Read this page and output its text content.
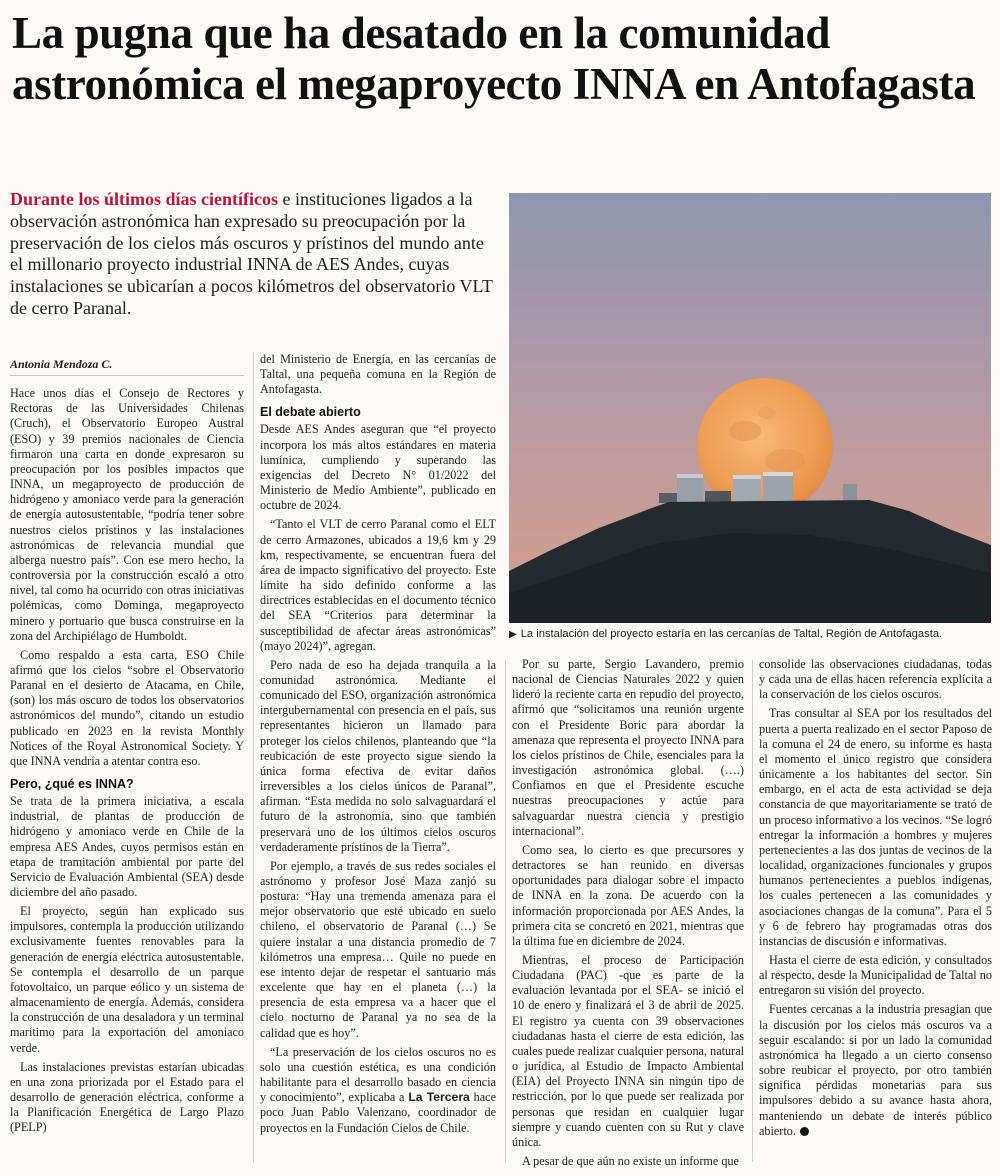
La pugna que ha desatado en la comunidad astronómica el megaproyecto INNA en Antofagasta

Durante los últimos días científicos e instituciones ligados a la observación astronómica han expresado su preocupación por la preservación de los cielos más oscuros y prístinos del mundo ante el millonario proyecto industrial INNA de AES Andes, cuyas instalaciones se ubicarían a pocos kilómetros del observatorio VLT de cerro Paranal.

▶ La instalación del proyecto estaría en las cercanías de Taltal, Región de Antofagasta.
Antonia Mendoza C.

Hace unos días el Consejo de Rectores y Rectoras de las Universidades Chilenas (Cruch), el Observatorio Europeo Austral (ESO) y 39 premios nacionales de Ciencia firmaron una carta en donde expresaron su preocupación por los posibles impactos que INNA, un megaproyecto de producción de hidrógeno y amoniaco verde para la generación de energía autosustentable, “podría tener sobre nuestros cielos prístinos y las instalaciones astronómicas de relevancia mundial que alberga nuestro país”. Con ese mero hecho, la controversia por la construcción escaló a otro nivel, tal como ha ocurrido con otras iniciativas polémicas, como Dominga, megaproyecto minero y portuario que busca construirse en la zona del Archipiélago de Humboldt.

Como respaldo a esta carta, ESO Chile afirmó que los cielos “sobre el Observatorio Paranal en el desierto de Atacama, en Chile, (son) los más oscuro de todos los observatorios astronómicos del mundo”, citando un estudio publicado en 2023 en la revista Monthly Notices of the Royal Astronomical Society. Y que INNA vendría a atentar contra eso.

Pero, ¿qué es INNA?

Se trata de la primera iniciativa, a escala industrial, de plantas de producción de hidrógeno y amoniaco verde en Chile de la empresa AES Andes, cuyos permisos están en etapa de tramitación ambiental por parte del Servicio de Evaluación Ambiental (SEA) desde diciembre del año pasado.

El proyecto, según han explicado sus impulsores, contempla la producción utilizando exclusivamente fuentes renovables para la generación de energía eléctrica autosustentable. Se contempla el desarrollo de un parque fotovoltaico, un parque eólico y un sistema de almacenamiento de energía. Además, considera la construcción de una desaladora y un terminal marítimo para la exportación del amoniaco verde.

Las instalaciones previstas estarían ubicadas en una zona priorizada por el Estado para el desarrollo de generación eléctrica, conforme a la Planificación Energética de Largo Plazo (PELP)

del Ministerio de Energía, en las cercanías de Taltal, una pequeña comuna en la Región de Antofagasta.

El debate abierto

Desde AES Andes aseguran que “el proyecto incorpora los más altos estándares en materia lumínica, cumpliendo y superando las exigencias del Decreto N° 01/2022 del Ministerio de Medio Ambiente”, publicado en octubre de 2024.

“Tanto el VLT de cerro Paranal como el ELT de cerro Armazones, ubicados a 19,6 km y 29 km, respectivamente, se encuentran fuera del área de impacto significativo del proyecto. Este límite ha sido definido conforme a las directrices establecidas en el documento técnico del SEA “Criterios para determinar la susceptibilidad de afectar áreas astronómicas” (mayo 2024)”, agregan.

Pero nada de eso ha dejada tranquila a la comunidad astronómica. Mediante el comunicado del ESO, organización astronómica intergubernamental con presencia en el país, sus representantes hicieron un llamado para proteger los cielos chilenos, planteando que “la reubicación de este proyecto sigue siendo la única forma efectiva de evitar daños irreversibles a los cielos únicos de Paranal”, afirman. “Esta medida no solo salvaguardará el futuro de la astronomía, sino que también preservará uno de los últimos cielos oscuros verdaderamente prístinos de la Tierra”.

Por ejemplo, a través de sus redes sociales el astrónomo y profesor José Maza zanjó su postura: “Hay una tremenda amenaza para el mejor observatorio que esté ubicado en suelo chileno, el observatorio de Paranal (…) Se quiere instalar a una distancia promedio de 7 kilómetros una empresa… Quile no puede en ese intento dejar de respetar el santuario más excelente que hay en el planeta (…) la presencia de esta empresa va a hacer que el cielo nocturno de Paranal ya no sea de la calidad que es hoy”.

“La preservación de los cielos oscuros no es solo una cuestión estética, es una condición habilitante para el desarrollo basado en ciencia y conocimiento”, explicaba a La Tercera hace poco Juan Pablo Valenzano, coordinador de proyectos en la Fundación Cielos de Chile.

Por su parte, Sergio Lavandero, premio nacional de Ciencias Naturales 2022 y quien lideró la reciente carta en repudio del proyecto, afirmó que “solicitamos una reunión urgente con el Presidente Boric para abordar la amenaza que representa el proyecto INNA para los cielos prístinos de Chile, esenciales para la investigación astronómica global. (….) Confiamos en que el Presidente escuche nuestras preocupaciones y actúe para salvaguardar nuestra ciencia y prestigio internacional”.

Como sea, lo cierto es que precursores y detractores se han reunido en diversas oportunidades para dialogar sobre el impacto de INNA en la zona. De acuerdo con la información proporcionada por AES Andes, la primera cita se concretó en 2021, mientras que la última fue en diciembre de 2024.

Mientras, el proceso de Participación Ciudadana (PAC) -que es parte de la evaluación levantada por el SEA- se inició el 10 de enero y finalizará el 3 de abril de 2025. El registro ya cuenta con 39 observaciones ciudadanas hasta el cierre de esta edición, las cuales puede realizar cualquier persona, natural o jurídica, al Estudio de Impacto Ambiental (EIA) del Proyecto INNA sin ningún tipo de restricción, por lo que puede ser realizada por personas que residan en cualquier lugar siempre y cuando cuenten con su Rut y clave única.

A pesar de que aún no existe un informe que

consolide las observaciones ciudadanas, todas y cada una de ellas hacen referencia explícita a la conservación de los cielos oscuros.

Tras consultar al SEA por los resultados del puerta a puerta realizado en el sector Paposo de la comuna el 24 de enero, su informe es hasta el momento el único registro que considera únicamente a los habitantes del sector. Sin embargo, en el acta de esta actividad se deja constancia de que mayoritariamente se trató de un proceso informativo a los vecinos. “Se logró entregar la información a hombres y mujeres pertenecientes a las dos juntas de vecinos de la localidad, organizaciones funcionales y grupos humanos pertenecientes a pueblos indígenas, los cuales pertenecen a las comunidades y asociaciones changas de la comuna”. Para el 5 y 6 de febrero hay programadas otras dos instancias de discusión e informativas.

Hasta el cierre de esta edición, y consultados al respecto, desde la Municipalidad de Taltal no entregaron su visión del proyecto.

Fuentes cercanas a la industria presagian que la discusión por los cielos más oscuros va a seguir escalando: si por un lado la comunidad astronómica ha llegado a un cierto consenso sobre reubicar el proyecto, por otro también significa pérdidas monetarias para sus impulsores debido a su avance hasta ahora, manteniendo un debate de interés público abierto.
